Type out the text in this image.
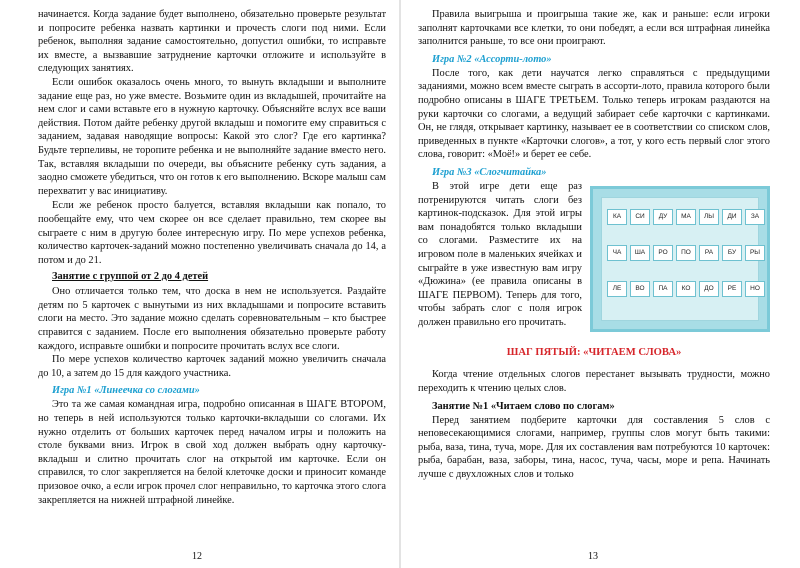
начинается. Когда задание будет выполнено, обязательно проверьте результат и попросите ребенка назвать картинки и прочесть слоги под ними. Если ребенок, выполняя задание самостоятельно, допустил ошибки, то исправьте их вместе, а вызвавшие затруднение карточки отложите и используйте в следующих занятиях.

Если ошибок оказалось очень много, то вынуть вкладыши и выполните задание еще раз, но уже вместе. Возьмите один из вкладышей, прочитайте на нем слог и сами вставьте его в нужную карточку. Объясняйте вслух все ваши действия. Потом дайте ребенку другой вкладыш и помогите ему справиться с заданием, задавая наводящие вопросы: Какой это слог? Где его картинка? Будьте терпеливы, не торопите ребенка и не выполняйте задание вместо него. Так, вставляя вкладыши по очереди, вы объясните ребенку суть задания, а заодно сможете убедиться, что он готов к его выполнению. Вскоре малыш сам перехватит у вас инициативу.

Если же ребенок просто балуется, вставляя вкладыши как попало, то пообещайте ему, что чем скорее он все сделает правильно, тем скорее вы сыграете с ним в другую более интересную игру. По мере успехов ребенка, количество карточек-заданий можно постепенно увеличивать сначала до 14, а потом и до 21.

Занятие с группой от 2 до 4 детей

Оно отличается только тем, что доска в нем не используется. Раздайте детям по 5 карточек с вынутыми из них вкладышами и попросите вставить слоги на место. Это задание можно сделать соревновательным – кто быстрее справится с заданием. После его выполнения обязательно проверьте работу каждого, исправьте ошибки и попросите прочитать вслух все слоги.

По мере успехов количество карточек заданий можно увеличить сначала до 10, а затем до 15 для каждого участника.

Игра №1 «Линеечка со слогами»

Это та же самая командная игра, подробно описанная в ШАГЕ ВТОРОМ, но теперь в ней используются только карточки-вкладыши со слогами. Их нужно отделить от больших карточек перед началом игры и положить на столе буквами вниз. Игрок в свой ход должен выбрать одну карточку-вкладыш и слитно прочитать слог на открытой им карточке. Если он справился, то слог закрепляется на белой клеточке доски и приносит команде призовое очко, а если игрок прочел слог неправильно, то карточка этого слога закрепляется на нижней штрафной линейке.

12

Правила выигрыша и проигрыша такие же, как и раньше: если игроки заполнят карточками все клетки, то они победят, а если вся штрафная линейка заполнится раньше, то все они проиграют.

Игра №2 «Ассорти-лото»

После того, как дети научатся легко справляться с предыдущими заданиями, можно всем вместе сыграть в ассорти-лото, правила которого были подробно описаны в ШАГЕ ТРЕТЬЕМ. Только теперь игрокам раздаются на руки карточки со слогами, а ведущий забирает себе карточки с картинками. Он, не глядя, открывает картинку, называет ее в соответствии со списком слов, приведенных в пункте «Карточки слогов», а тот, у кого есть первый слог этого слова, говорит: «Моё!» и берет ее себе.

Игра №3 «Слогчитайка»
КА	СИ	ДУ	МА	ЛЫ	ДИ	ЗА
ЧА	ША	РО	ПО	РА	БУ	РЫ
ЛЕ	ВО	ПА	КО	ДО	РЕ	НО

В этой игре дети еще раз потренируются читать слоги без картинок-подсказок. Для этой игры вам понадобятся только вкладыши со слогами. Разместите их на игровом поле в маленьких ячейках и сыграйте в уже известную вам игру «Дюжина» (ее правила описаны в ШАГЕ ПЕРВОМ). Теперь для того, чтобы забрать слог с поля игрок должен правильно его прочитать.

ШАГ ПЯТЫЙ: «ЧИТАЕМ СЛОВА»

Когда чтение отдельных слогов перестанет вызывать трудности, можно переходить к чтению целых слов.

Занятие №1 «Читаем слово по слогам»

Перед занятием подберите карточки для составления 5 слов с неповесекающимися слогами, например, группы слов могут быть такими: рыба, ваза, тина, туча, море. Для их составления вам потребуются 10 карточек: рыба, барабан, ваза, заборы, тина, насос, туча, часы, море и репа. Начинать лучше с двухложных слов и только

13
